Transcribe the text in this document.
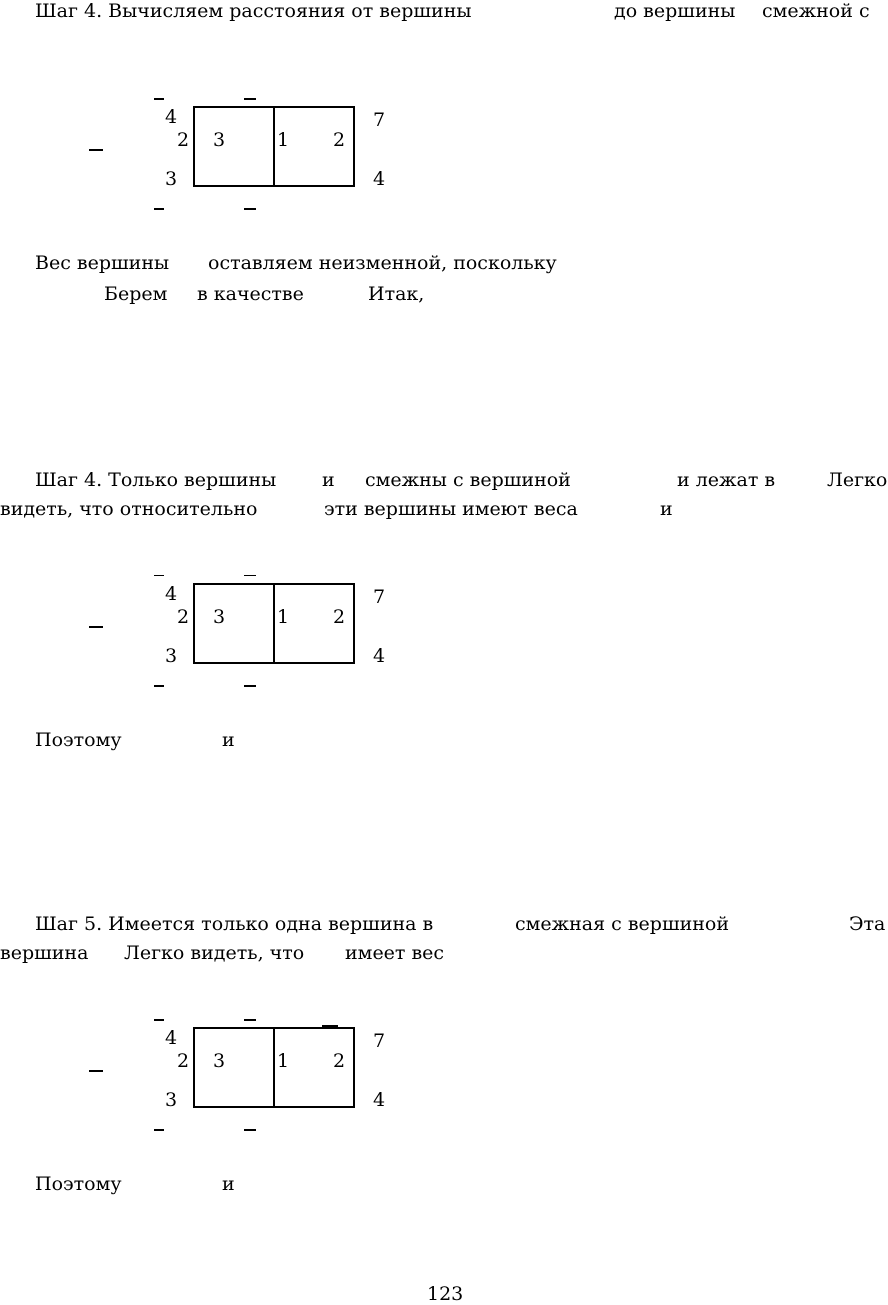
Шаг 4. Вычисляем расстояния от вершины	до вершины смежной с
4
2 3	1 2
7
3	4
Вес вершины оставляем неизменной, поскольку
Берем в качестве	Итак,
Шаг 4. Только вершины и смежны с вершиной	и лежат в	Легко
видеть, что относительно	эти вершины имеют веса	и
4
2 3	1 2
7
3	4
Поэтому	и
Шаг 5. Имеется только одна вершина в	смежная с вершиной	Эта
вершина Легко видеть, что имеет вес
4
2 3	1 2
7
3	4
Поэтому	и
123
